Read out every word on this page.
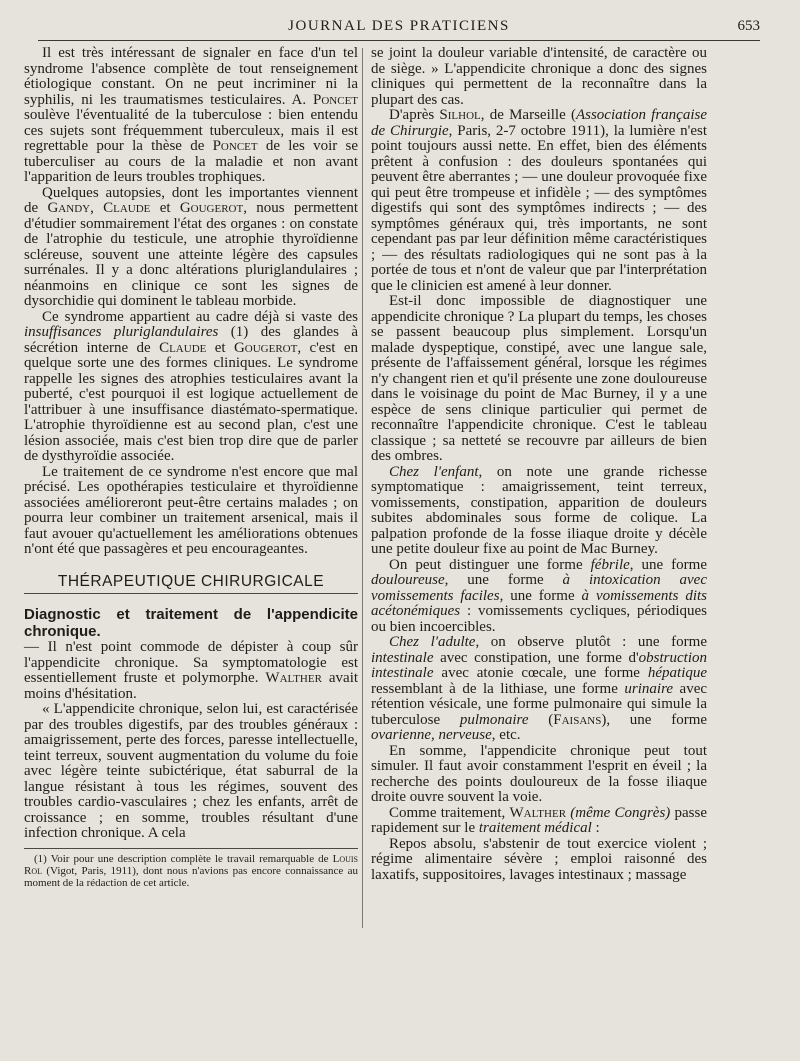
JOURNAL DES PRATICIENS	653

Il est très intéressant de signaler en face d'un tel syndrome l'absence complète de tout renseignement étiologique constant. On ne peut incriminer ni la syphilis, ni les traumatismes testiculaires. A. Poncet soulève l'éventualité de la tuberculose : bien entendu ces sujets sont fréquemment tuberculeux, mais il est regrettable pour la thèse de Poncet de les voir se tuberculiser au cours de la maladie et non avant l'apparition de leurs troubles trophiques.

Quelques autopsies, dont les importantes viennent de Gandy, Claude et Gougerot, nous permettent d'étudier sommairement l'état des organes : on constate de l'atrophie du testicule, une atrophie thyroïdienne scléreuse, souvent une atteinte légère des capsules surrénales. Il y a donc altérations pluriglandulaires ; néanmoins en clinique ce sont les signes de dysorchidie qui dominent le tableau morbide.

Ce syndrome appartient au cadre déjà si vaste des insuffisances pluriglandulaires (1) des glandes à sécrétion interne de Claude et Gougerot, c'est en quelque sorte une des formes cliniques. Le syndrome rappelle les signes des atrophies testiculaires avant la puberté, c'est pourquoi il est logique actuellement de l'attribuer à une insuffisance diastémato-spermatique. L'atrophie thyroïdienne est au second plan, c'est une lésion associée, mais c'est bien trop dire que de parler de dysthyroïdie associée.

Le traitement de ce syndrome n'est encore que mal précisé. Les opothérapies testiculaire et thyroïdienne associées amélioreront peut-être certains malades ; on pourra leur combiner un traitement arsenical, mais il faut avouer qu'actuellement les améliorations obtenues n'ont été que passagères et peu encourageantes.

THÉRAPEUTIQUE CHIRURGICALE
Diagnostic et traitement de l'appendicite chronique.

— Il n'est point commode de dépister à coup sûr l'appendicite chronique. Sa symptomatologie est essentiellement fruste et polymorphe. Walther avait moins d'hésitation.

« L'appendicite chronique, selon lui, est caractérisée par des troubles digestifs, par des troubles généraux : amaigrissement, perte des forces, paresse intellectuelle, teint terreux, souvent augmentation du volume du foie avec légère teinte subictérique, état saburral de la langue résistant à tous les régimes, souvent des troubles cardio-vasculaires ; chez les enfants, arrêt de croissance ; en somme, troubles résultant d'une infection chronique. A cela

(1) Voir pour une description complète le travail remarquable de Louis Rol (Vigot, Paris, 1911), dont nous n'avions pas encore connaissance au moment de la rédaction de cet article.

se joint la douleur variable d'intensité, de caractère ou de siège. » L'appendicite chronique a donc des signes cliniques qui permettent de la reconnaître dans la plupart des cas.

D'après Silhol, de Marseille (Association française de Chirurgie, Paris, 2-7 octobre 1911), la lumière n'est point toujours aussi nette. En effet, bien des éléments prêtent à confusion : des douleurs spontanées qui peuvent être aberrantes ; — une douleur provoquée fixe qui peut être trompeuse et infidèle ; — des symptômes digestifs qui sont des symptômes indirects ; — des symptômes généraux qui, très importants, ne sont cependant pas par leur définition même caractéristiques ; — des résultats radiologiques qui ne sont pas à la portée de tous et n'ont de valeur que par l'interprétation que le clinicien est amené à leur donner.

Est-il donc impossible de diagnostiquer une appendicite chronique ? La plupart du temps, les choses se passent beaucoup plus simplement. Lorsqu'un malade dyspeptique, constipé, avec une langue sale, présente de l'affaissement général, lorsque les régimes n'y changent rien et qu'il présente une zone douloureuse dans le voisinage du point de Mac Burney, il y a une espèce de sens clinique particulier qui permet de reconnaître l'appendicite chronique. C'est le tableau classique ; sa netteté se recouvre par ailleurs de bien des ombres.

Chez l'enfant, on note une grande richesse symptomatique : amaigrissement, teint terreux, vomissements, constipation, apparition de douleurs subites abdominales sous forme de colique. La palpation profonde de la fosse iliaque droite y décèle une petite douleur fixe au point de Mac Burney.

On peut distinguer une forme fébrile, une forme douloureuse, une forme à intoxication avec vomissements faciles, une forme à vomissements dits acétonémiques : vomissements cycliques, périodiques ou bien incoercibles.

Chez l'adulte, on observe plutôt : une forme intestinale avec constipation, une forme d'obstruction intestinale avec atonie cœcale, une forme hépatique ressemblant à de la lithiase, une forme urinaire avec rétention vésicale, une forme pulmonaire qui simule la tuberculose pulmonaire (Faisans), une forme ovarienne, nerveuse, etc.

En somme, l'appendicite chronique peut tout simuler. Il faut avoir constamment l'esprit en éveil ; la recherche des points douloureux de la fosse iliaque droite ouvre souvent la voie.

Comme traitement, Walther (même Congrès) passe rapidement sur le traitement médical :

Repos absolu, s'abstenir de tout exercice violent ; régime alimentaire sévère ; emploi raisonné des laxatifs, suppositoires, lavages intestinaux ; massage
